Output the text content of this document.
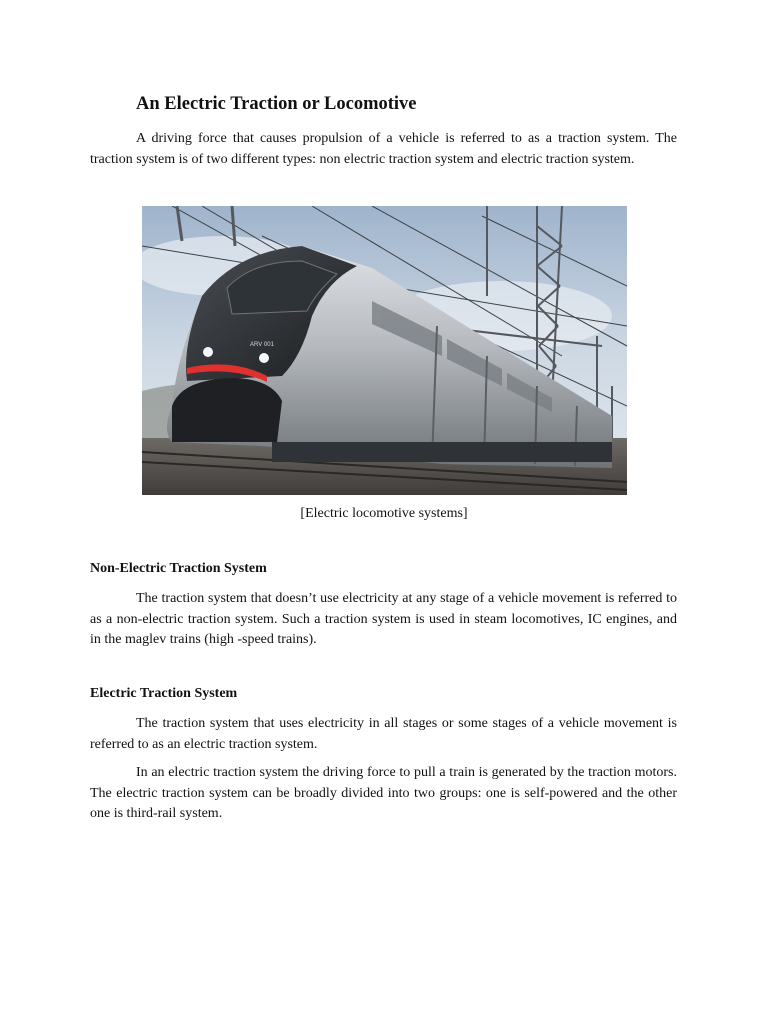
An Electric Traction or Locomotive

A driving force that causes propulsion of a vehicle is referred to as a traction system. The traction system is of two different types: non electric traction system and electric traction system.

ARV 001

[Electric locomotive systems]

Non-Electric Traction System

The traction system that doesn’t use electricity at any stage of a vehicle movement is referred to as a non-electric traction system. Such a traction system is used in steam locomotives, IC engines, and in the maglev trains (high -speed trains).

Electric Traction System

The traction system that uses electricity in all stages or some stages of a vehicle movement is referred to as an electric traction system.

In an electric traction system the driving force to pull a train is generated by the traction motors. The electric traction system can be broadly divided into two groups: one is self-powered and the other one is third-rail system.
